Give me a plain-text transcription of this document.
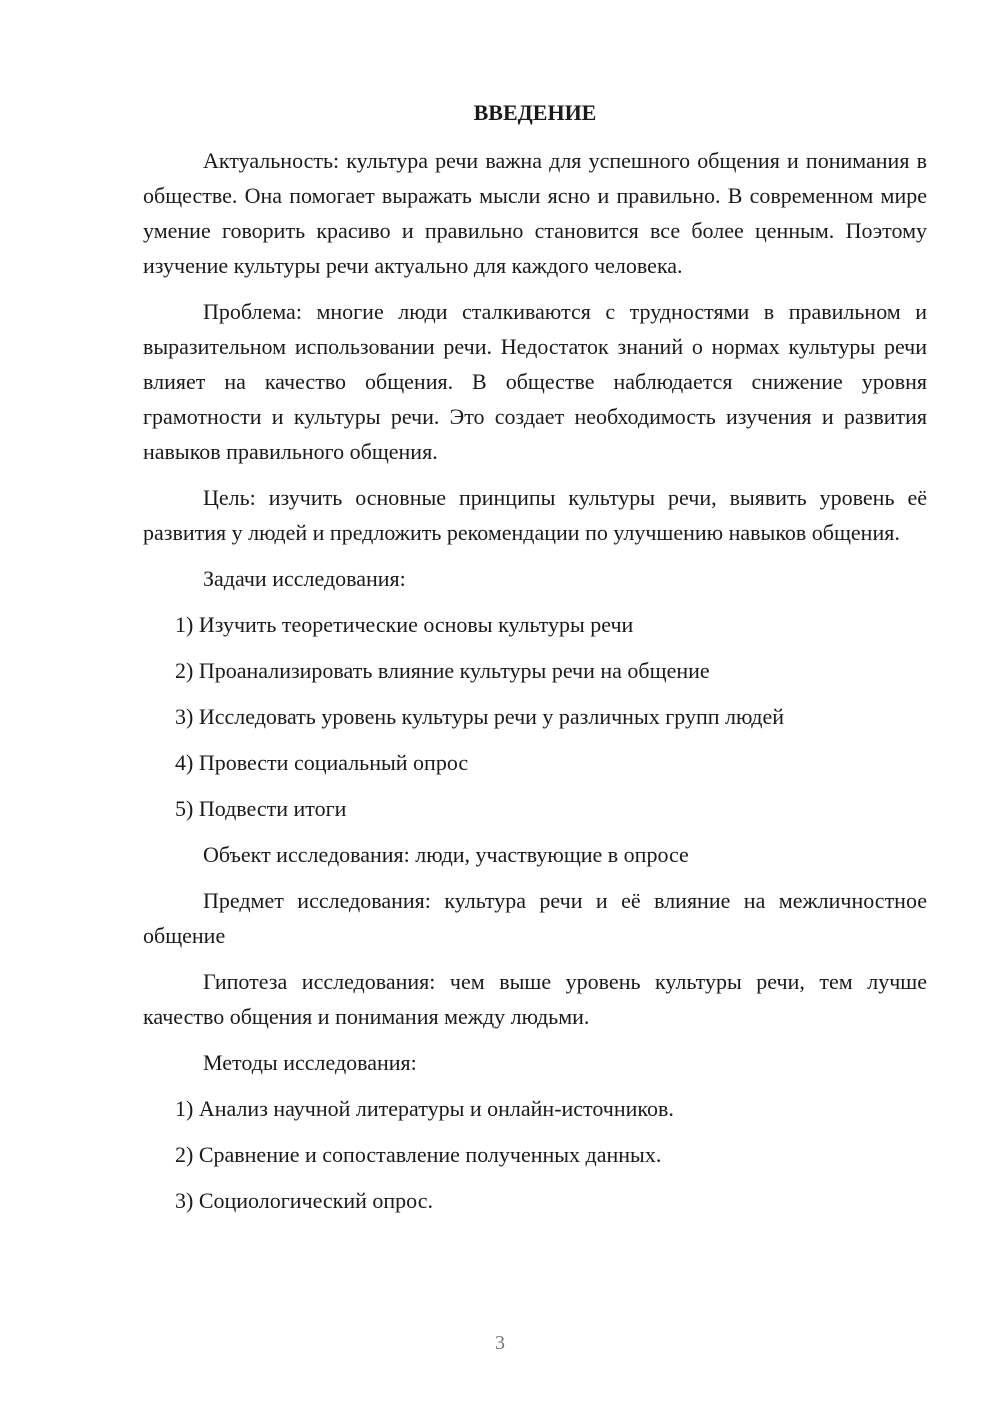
ВВЕДЕНИЕ

Актуальность: культура речи важна для успешного общения и понимания в обществе. Она помогает выражать мысли ясно и правильно. В современном мире умение говорить красиво и правильно становится все более ценным. Поэтому изучение культуры речи актуально для каждого человека.

Проблема: многие люди сталкиваются с трудностями в правильном и выразительном использовании речи. Недостаток знаний о нормах культуры речи влияет на качество общения. В обществе наблюдается снижение уровня грамотности и культуры речи. Это создает необходимость изучения и развития навыков правильного общения.

Цель: изучить основные принципы культуры речи, выявить уровень её развития у людей и предложить рекомендации по улучшению навыков общения.

Задачи исследования:

1) Изучить теоретические основы культуры речи

2) Проанализировать влияние культуры речи на общение

3) Исследовать уровень культуры речи у различных групп людей

4) Провести социальный опрос

5) Подвести итоги

Объект исследования: люди, участвующие в опросе

Предмет исследования: культура речи и её влияние на межличностное общение

Гипотеза исследования: чем выше уровень культуры речи, тем лучше качество общения и понимания между людьми.

Методы исследования:

1) Анализ научной литературы и онлайн-источников.

2) Сравнение и сопоставление полученных данных.

3) Социологический опрос.

3
